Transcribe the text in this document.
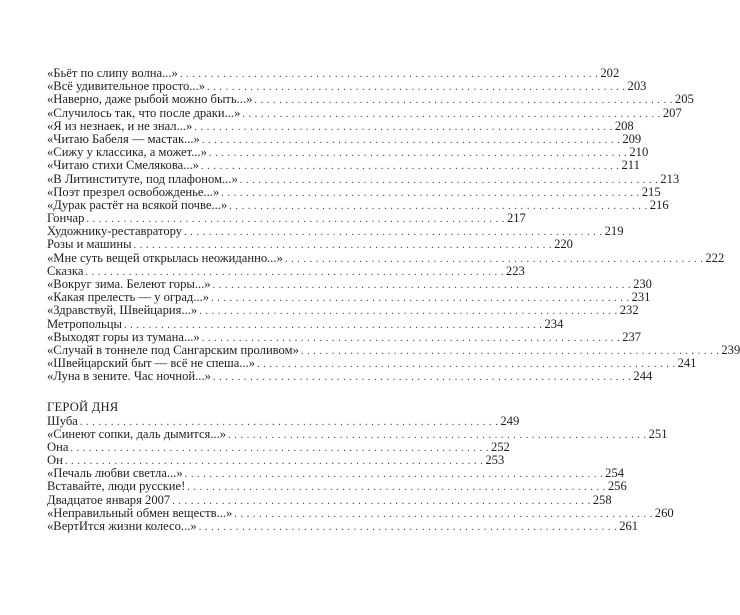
«Бьёт по слипу волна...» . . . . . . . . . . . . . . . . . . . . . . . . . . . . . . . . . . . . . . . . . . . . . . . . . . . . . . . . . . . . . . . . . . . . 202
«Всё удивительное просто...» . . . . . . . . . . . . . . . . . . . . . . . . . . . . . . . . . . . . . . . . . . . . . . . . . . . . . . . . . . . . . . . . . . . . 203
«Наверно, даже рыбой можно быть...» . . . . . . . . . . . . . . . . . . . . . . . . . . . . . . . . . . . . . . . . . . . . . . . . . . . . . . . . . . . . . . . . . . . . 205
«Случилось так, что после драки...» . . . . . . . . . . . . . . . . . . . . . . . . . . . . . . . . . . . . . . . . . . . . . . . . . . . . . . . . . . . . . . . . . . . . 207
«Я из незнаек, и не знал...» . . . . . . . . . . . . . . . . . . . . . . . . . . . . . . . . . . . . . . . . . . . . . . . . . . . . . . . . . . . . . . . . . . . . 208
«Читаю Бабеля — мастак...» . . . . . . . . . . . . . . . . . . . . . . . . . . . . . . . . . . . . . . . . . . . . . . . . . . . . . . . . . . . . . . . . . . . . 209
«Сижу у классика, а может...» . . . . . . . . . . . . . . . . . . . . . . . . . . . . . . . . . . . . . . . . . . . . . . . . . . . . . . . . . . . . . . . . . . . . 210
«Читаю стихи Смелякова...» . . . . . . . . . . . . . . . . . . . . . . . . . . . . . . . . . . . . . . . . . . . . . . . . . . . . . . . . . . . . . . . . . . . . 211
«В Литинституте, под плафоном...» . . . . . . . . . . . . . . . . . . . . . . . . . . . . . . . . . . . . . . . . . . . . . . . . . . . . . . . . . . . . . . . . . . . . 213
«Поэт презрел освобожденье...» . . . . . . . . . . . . . . . . . . . . . . . . . . . . . . . . . . . . . . . . . . . . . . . . . . . . . . . . . . . . . . . . . . . . 215
«Дурак растёт на всякой почве...» . . . . . . . . . . . . . . . . . . . . . . . . . . . . . . . . . . . . . . . . . . . . . . . . . . . . . . . . . . . . . . . . . . . . 216
Гончар . . . . . . . . . . . . . . . . . . . . . . . . . . . . . . . . . . . . . . . . . . . . . . . . . . . . . . . . . . . . . . . . . . . . 217
Художнику-реставратору . . . . . . . . . . . . . . . . . . . . . . . . . . . . . . . . . . . . . . . . . . . . . . . . . . . . . . . . . . . . . . . . . . . . 219
Розы и машины . . . . . . . . . . . . . . . . . . . . . . . . . . . . . . . . . . . . . . . . . . . . . . . . . . . . . . . . . . . . . . . . . . . . 220
«Мне суть вещей открылась неожиданно...» . . . . . . . . . . . . . . . . . . . . . . . . . . . . . . . . . . . . . . . . . . . . . . . . . . . . . . . . . . . . . . . . . . . . 222
Сказка . . . . . . . . . . . . . . . . . . . . . . . . . . . . . . . . . . . . . . . . . . . . . . . . . . . . . . . . . . . . . . . . . . . . 223
«Вокруг зима. Белеют горы...» . . . . . . . . . . . . . . . . . . . . . . . . . . . . . . . . . . . . . . . . . . . . . . . . . . . . . . . . . . . . . . . . . . . . 230
«Какая прелесть — у оград...» . . . . . . . . . . . . . . . . . . . . . . . . . . . . . . . . . . . . . . . . . . . . . . . . . . . . . . . . . . . . . . . . . . . . 231
«Здравствуй, Швейцария...» . . . . . . . . . . . . . . . . . . . . . . . . . . . . . . . . . . . . . . . . . . . . . . . . . . . . . . . . . . . . . . . . . . . . 232
Метропольцы . . . . . . . . . . . . . . . . . . . . . . . . . . . . . . . . . . . . . . . . . . . . . . . . . . . . . . . . . . . . . . . . . . . . 234
«Выходят горы из тумана...» . . . . . . . . . . . . . . . . . . . . . . . . . . . . . . . . . . . . . . . . . . . . . . . . . . . . . . . . . . . . . . . . . . . . 237
«Случай в тоннеле под Сангарским проливом» . . . . . . . . . . . . . . . . . . . . . . . . . . . . . . . . . . . . . . . . . . . . . . . . . . . . . . . . . . . . . . . . . . . . 239
«Швейцарский быт — всё не спеша...» . . . . . . . . . . . . . . . . . . . . . . . . . . . . . . . . . . . . . . . . . . . . . . . . . . . . . . . . . . . . . . . . . . . . 241
«Луна в зените. Час ночной...» . . . . . . . . . . . . . . . . . . . . . . . . . . . . . . . . . . . . . . . . . . . . . . . . . . . . . . . . . . . . . . . . . . . . 244
ГЕРОЙ ДНЯ
Шуба . . . . . . . . . . . . . . . . . . . . . . . . . . . . . . . . . . . . . . . . . . . . . . . . . . . . . . . . . . . . . . . . . . . . 249
«Синеют сопки, даль дымится...» . . . . . . . . . . . . . . . . . . . . . . . . . . . . . . . . . . . . . . . . . . . . . . . . . . . . . . . . . . . . . . . . . . . . 251
Она . . . . . . . . . . . . . . . . . . . . . . . . . . . . . . . . . . . . . . . . . . . . . . . . . . . . . . . . . . . . . . . . . . . . 252
Он . . . . . . . . . . . . . . . . . . . . . . . . . . . . . . . . . . . . . . . . . . . . . . . . . . . . . . . . . . . . . . . . . . . . 253
«Печаль любви светла...» . . . . . . . . . . . . . . . . . . . . . . . . . . . . . . . . . . . . . . . . . . . . . . . . . . . . . . . . . . . . . . . . . . . . 254
Вставайте, люди русские! . . . . . . . . . . . . . . . . . . . . . . . . . . . . . . . . . . . . . . . . . . . . . . . . . . . . . . . . . . . . . . . . . . . . 256
Двадцатое января 2007 . . . . . . . . . . . . . . . . . . . . . . . . . . . . . . . . . . . . . . . . . . . . . . . . . . . . . . . . . . . . . . . . . . . . 258
«Неправильный обмен веществ...» . . . . . . . . . . . . . . . . . . . . . . . . . . . . . . . . . . . . . . . . . . . . . . . . . . . . . . . . . . . . . . . . . . . . 260
«ВертИтся жизни колесо...» . . . . . . . . . . . . . . . . . . . . . . . . . . . . . . . . . . . . . . . . . . . . . . . . . . . . . . . . . . . . . . . . . . . . 261
